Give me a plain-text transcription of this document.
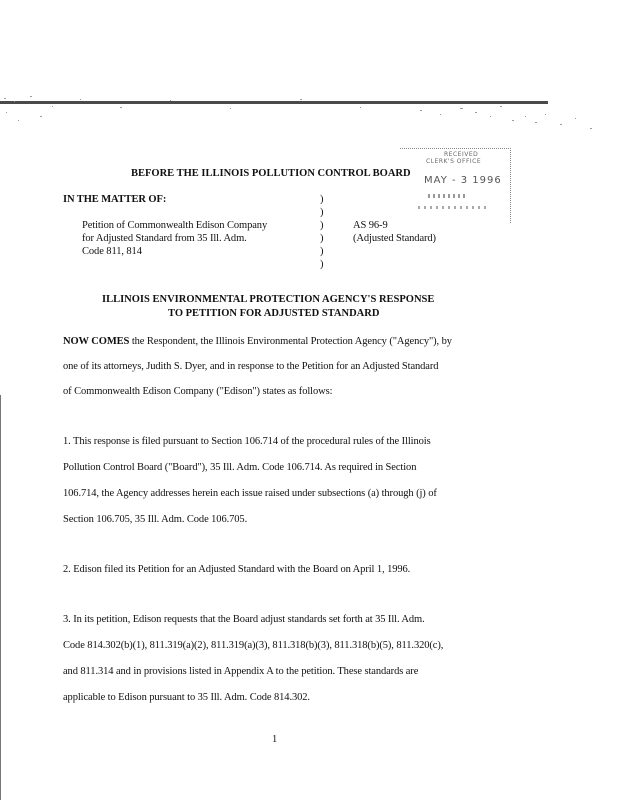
RECEIVED
CLERK'S OFFICE
MAY - 3 1996
BEFORE THE ILLINOIS POLLUTION CONTROL BOARD
IN THE MATTER OF:
Petition of Commonwealth Edison Company
for Adjusted Standard from 35 Ill. Adm.
Code 811, 814
)
)
)
)
)
)
AS 96-9
(Adjusted Standard)
ILLINOIS ENVIRONMENTAL PROTECTION AGENCY'S RESPONSE
TO PETITION FOR ADJUSTED STANDARD
NOW COMES the Respondent, the Illinois Environmental Protection Agency ("Agency"), by
one of its attorneys, Judith S. Dyer, and in response to the Petition for an Adjusted Standard
of Commonwealth Edison Company ("Edison") states as follows:
1. This response is filed pursuant to Section 106.714 of the procedural rules of the Illinois
Pollution Control Board ("Board"), 35 Ill. Adm. Code 106.714. As required in Section
106.714, the Agency addresses herein each issue raised under subsections (a) through (j) of
Section 106.705, 35 Ill. Adm. Code 106.705.
2. Edison filed its Petition for an Adjusted Standard with the Board on April 1, 1996.
3. In its petition, Edison requests that the Board adjust standards set forth at 35 Ill. Adm.
Code 814.302(b)(1), 811.319(a)(2), 811.319(a)(3), 811.318(b)(3), 811.318(b)(5), 811.320(c),
and 811.314 and in provisions listed in Appendix A to the petition. These standards are
applicable to Edison pursuant to 35 Ill. Adm. Code 814.302.
1
